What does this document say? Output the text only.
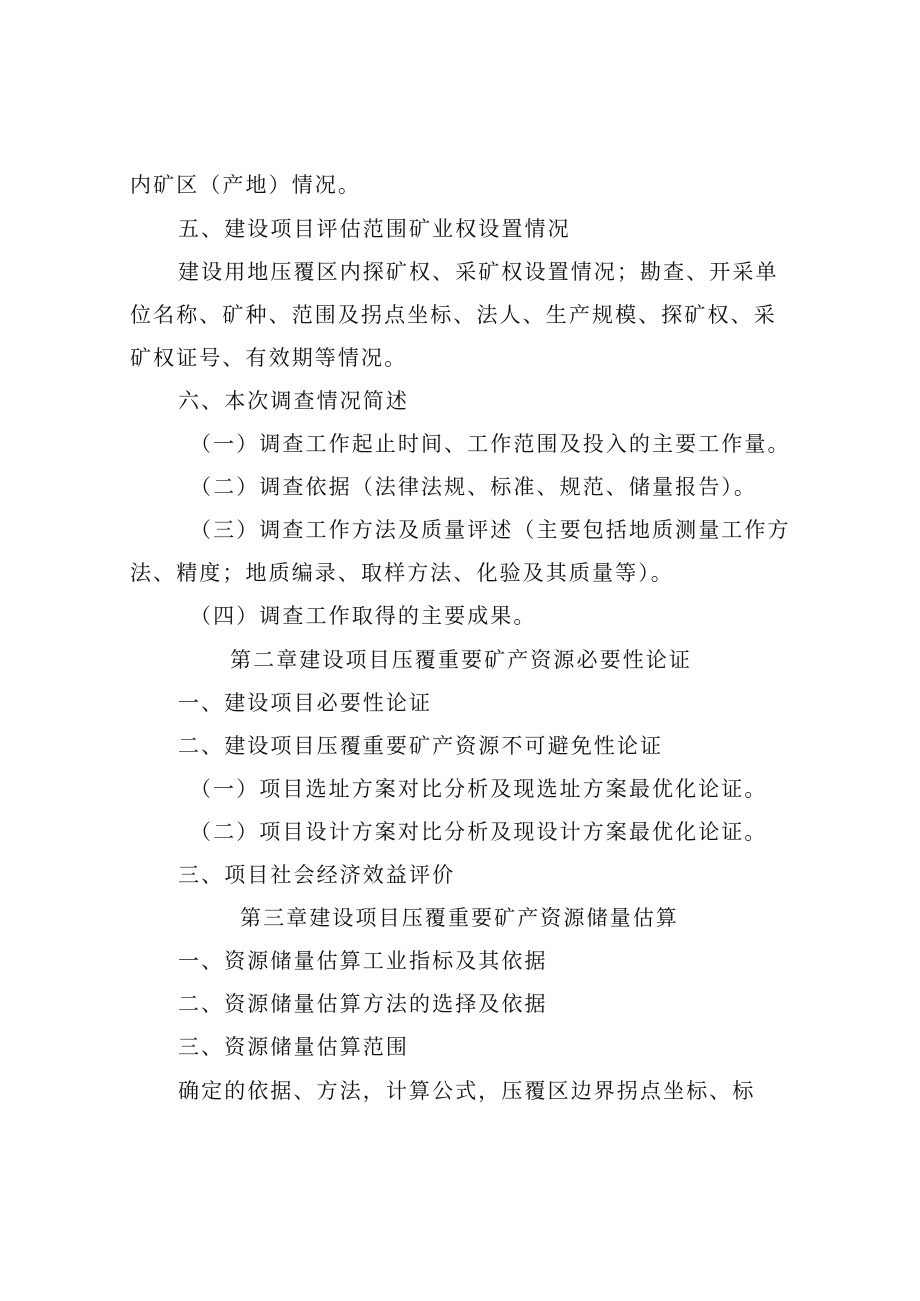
内矿区（产地）情况。

五、建设项目评估范围矿业权设置情况

建设用地压覆区内探矿权、采矿权设置情况；勘查、开采单

位名称、矿种、范围及拐点坐标、法人、生产规模、探矿权、采

矿权证号、有效期等情况。

六、本次调查情况简述

（一）调查工作起止时间、工作范围及投入的主要工作量。

（二）调查依据（法律法规、标准、规范、储量报告）。

（三）调查工作方法及质量评述（主要包括地质测量工作方

法、精度；地质编录、取样方法、化验及其质量等）。

（四）调查工作取得的主要成果。

第二章建设项目压覆重要矿产资源必要性论证

一、建设项目必要性论证

二、建设项目压覆重要矿产资源不可避免性论证

（一）项目选址方案对比分析及现选址方案最优化论证。

（二）项目设计方案对比分析及现设计方案最优化论证。

三、项目社会经济效益评价

第三章建设项目压覆重要矿产资源储量估算

一、资源储量估算工业指标及其依据

二、资源储量估算方法的选择及依据

三、资源储量估算范围

确定的依据、方法，计算公式，压覆区边界拐点坐标、标
